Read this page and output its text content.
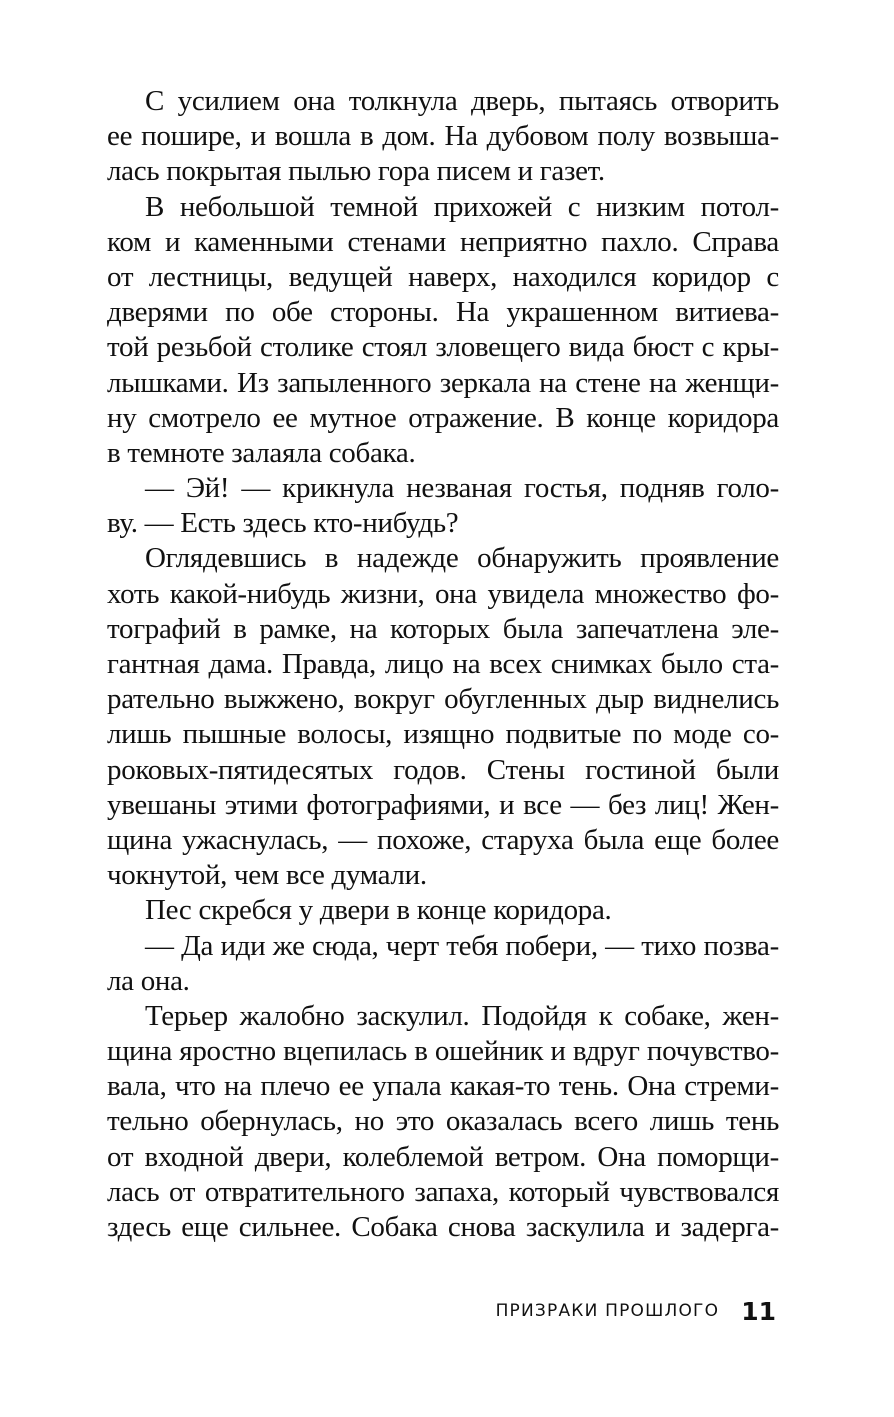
С усилием она толкнула дверь, пытаясь отворить
ее пошире, и вошла в дом. На дубовом полу возвыша-
лась покрытая пылью гора писем и газет.
В небольшой темной прихожей с низким потол-
ком и каменными стенами неприятно пахло. Справа
от лестницы, ведущей наверх, находился коридор с
дверями по обе стороны. На украшенном витиева-
той резьбой столике стоял зловещего вида бюст с кры-
лышками. Из запыленного зеркала на стене на женщи-
ну смотрело ее мутное отражение. В конце коридора
в темноте залаяла собака.
— Эй! — крикнула незваная гостья, подняв голо-
ву. — Есть здесь кто-нибудь?
Оглядевшись в надежде обнаружить проявление
хоть какой-нибудь жизни, она увидела множество фо-
тографий в рамке, на которых была запечатлена эле-
гантная дама. Правда, лицо на всех снимках было ста-
рательно выжжено, вокруг обугленных дыр виднелись
лишь пышные волосы, изящно подвитые по моде со-
роковых-пятидесятых годов. Стены гостиной были
увешаны этими фотографиями, и все — без лиц! Жен-
щина ужаснулась, — похоже, старуха была еще более
чокнутой, чем все думали.
Пес скребся у двери в конце коридора.
— Да иди же сюда, черт тебя побери, — тихо позва-
ла она.
Терьер жалобно заскулил. Подойдя к собаке, жен-
щина яростно вцепилась в ошейник и вдруг почувство-
вала, что на плечо ее упала какая-то тень. Она стреми-
тельно обернулась, но это оказалась всего лишь тень
от входной двери, колеблемой ветром. Она поморщи-
лась от отвратительного запаха, который чувствовался
здесь еще сильнее. Собака снова заскулила и задерга-
ПРИЗРАКИ ПРОШЛОГО 11
